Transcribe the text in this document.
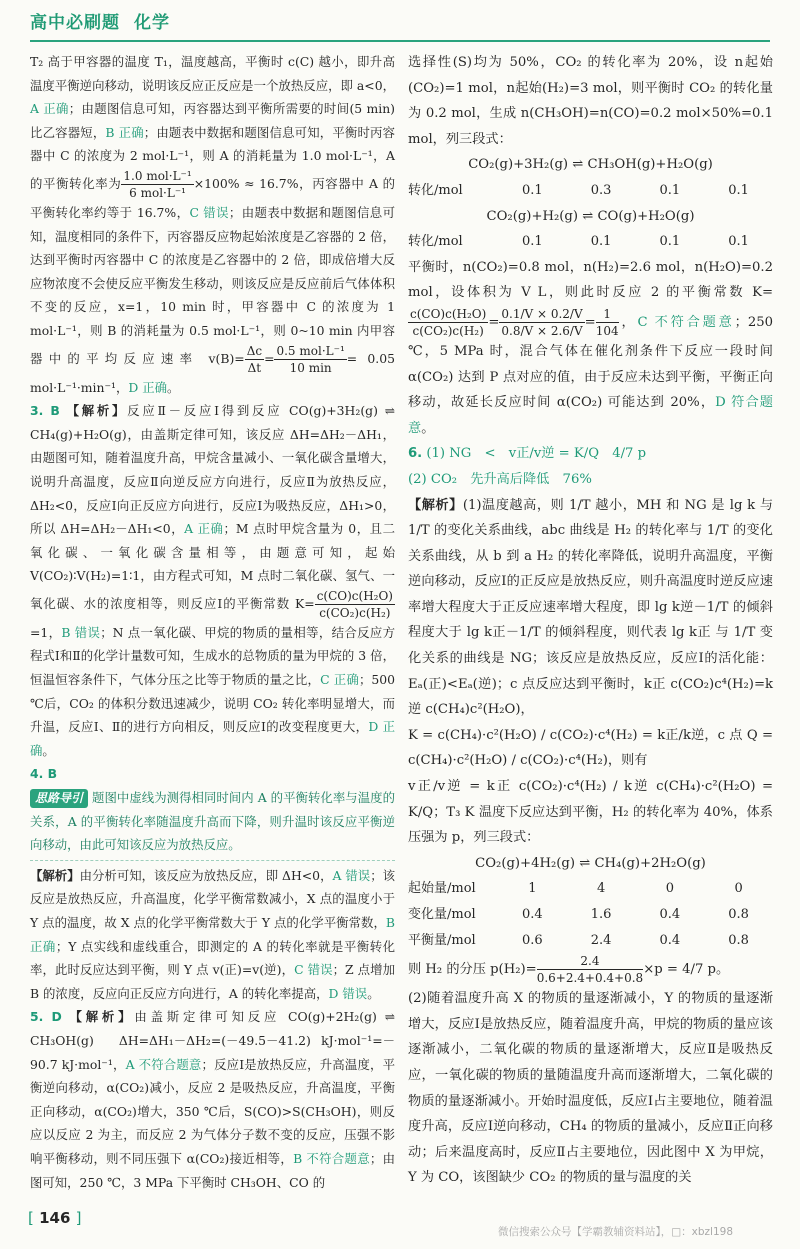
高中必刷题 化学

T₂ 高于甲容器的温度 T₁，温度越高，平衡时 c(C) 越小，即升高温度平衡逆向移动，说明该反应正反应是一个放热反应，即 a<0，A 正确；由题图信息可知，丙容器达到平衡所需要的时间(5 min)比乙容器短，B 正确；由题表中数据和题图信息可知，平衡时丙容器中 C 的浓度为 2 mol·L⁻¹，则 A 的消耗量为 1.0 mol·L⁻¹，A 的平衡转化率为 $\frac{\text{1.0 mol·L⁻¹}}{\text{6 mol·L⁻¹}} \times 100\% \approx 16.7\%$，丙容器中 A 的平衡转化率约等于 16.7%，C 错误；由题表中数据和题图信息可知，温度相同的条件下，丙容器反应物起始浓度是乙容器的 2 倍，达到平衡时丙容器中 C 的浓度是乙容器中的 2 倍，即成倍增大反应物浓度不会使反应平衡发生移动，则该反应是反应前后气体体积不变的反应，x=1，10 min 时，甲容器中 C 的浓度为 1 mol·L⁻¹，则 B 的消耗量为 0.5 mol·L⁻¹，则 0~10 min 内甲容器中的平均反应速率 $v(B)= \frac{\Delta c}{\Delta t} = \frac{\text{0.5 mol·L⁻¹}}{10 \min} = 0.05$ mol·L⁻¹·min⁻¹，D 正确。

3. B 【解析】反应Ⅱ－反应Ⅰ得到反应 CO(g)+3H₂(g) ⇌ CH₄(g)+H₂O(g)，由盖斯定律可知，该反应 ΔH=ΔH₂－ΔH₁，由题图可知，随着温度升高，甲烷含量减小、一氧化碳含量增大，说明升高温度，反应Ⅱ向逆反应方向进行，反应Ⅱ为放热反应，ΔH₂<0，反应Ⅰ向正反应方向进行，反应Ⅰ为吸热反应，ΔH₁>0，所以 ΔH=ΔH₂－ΔH₁<0，A 正确；M 点时甲烷含量为 0，且二氧化碳、一氧化碳含量相等，由题意可知，起始 V(CO₂)∶V(H₂)=1∶1，由方程式可知，M 点时二氧化碳、氢气、一氧化碳、水的浓度相等，则反应Ⅰ的平衡常数 $K= \frac{\text{c(CO)c(H₂O)}}{\text{c(CO₂)c(H₂)}}$
=1，B 错误；N 点一氧化碳、甲烷的物质的量相等，结合反应方程式Ⅰ和Ⅱ的化学计量数可知，生成水的总物质的量为甲烷的 3 倍，恒温恒容条件下，气体分压之比等于物质的量之比，C 正确；500 ℃后，CO₂ 的体积分数迅速减少，说明 CO₂ 转化率明显增大，而升温，反应Ⅰ、Ⅱ的进行方向相反，则反应Ⅰ的改变程度更大，D 正确。

4. B

思路导引 题图中虚线为测得相同时间内 A 的平衡转化率与温度的关系，A 的平衡转化率随温度升高而下降，则升温时该反应平衡逆向移动，由此可知该反应为放热反应。

【解析】由分析可知，该反应为放热反应，即 ΔH<0，A 错误；该反应是放热反应，升高温度，化学平衡常数减小，X 点的温度小于 Y 点的温度，故 X 点的化学平衡常数大于 Y 点的化学平衡常数，B 正确；Y 点实线和虚线重合，即测定的 A 的转化率就是平衡转化率，此时反应达到平衡，则 Y 点 v(正)=v(逆)，C 错误；Z 点增加 B 的浓度，反应向正反应方向进行，A 的转化率提高，D 错误。

5. D 【解析】由盖斯定律可知反应 CO(g)+2H₂(g) ⇌ CH₃OH(g)　ΔH=ΔH₁－ΔH₂=(－49.5－41.2) kJ·mol⁻¹=－90.7 kJ·mol⁻¹，A 不符合题意；反应Ⅰ是放热反应，升高温度，平衡逆向移动，α(CO₂)减小，反应 2 是吸热反应，升高温度，平衡正向移动，α(CO₂)增大，350 ℃后，S(CO)>S(CH₃OH)，则反应以反应 2 为主，而反应 2 为气体分子数不变的反应，压强不影响平衡移动，则不同压强下 α(CO₂)接近相等，B 不符合题意；由图可知，250 ℃，3 MPa 下平衡时 CH₃OH、CO 的

选择性(S)均为 50%，CO₂ 的转化率为 20%，设 n起始(CO₂)=1 mol，n起始(H₂)=3 mol，则平衡时 CO₂ 的转化量为 0.2 mol，生成 n(CH₃OH)=n(CO)=0.2 mol×50%=0.1 mol，列三段式：

CO₂(g)+3H₂(g) ⇌ CH₃OH(g)+H₂O(g)
转化/mol	0.1	0.3	0.1	0.1
CO₂(g)+H₂(g) ⇌ CO(g)+H₂O(g)
转化/mol	0.1	0.1	0.1	0.1

平衡时，n(CO₂)=0.8 mol，n(H₂)=2.6 mol，n(H₂O)=0.2 mol，设体积为 V L，则此时反应 2 的平衡常数 K=
$\frac{\text{c(CO)c(H₂O)}}{\text{c(CO₂)c(H₂)}} = \frac{0.1/V \times 0.2/V}{0.8/V \times 2.6/V} = \frac{1}{104}$ ，C 不符合题意；250 ℃，5 MPa 时，混合气体在催化剂条件下反应一段时间 α(CO₂) 达到 P 点对应的值，由于反应未达到平衡，平衡正向移动，故延长反应时间 α(CO₂) 可能达到 20%，D 符合题意。

6. (1) NG　<　v正/v逆 = K/Q　4/7 p

(2) CO₂　先升高后降低　76%

【解析】(1)温度越高，则 1/T 越小，MH 和 NG 是 lg k 与 1/T 的变化关系曲线，abc 曲线是 H₂ 的转化率与 1/T 的变化关系曲线，从 b 到 a H₂ 的转化率降低，说明升高温度，平衡逆向移动，反应Ⅰ的正反应是放热反应，则升高温度时逆反应速率增大程度大于正反应速率增大程度，即 lg k逆－1/T 的倾斜程度大于 lg k正－1/T 的倾斜程度，则代表 lg k正 与 1/T 变化关系的曲线是 NG；该反应是放热反应，反应Ⅰ的活化能：Eₐ(正)<Eₐ(逆)；c 点反应达到平衡时，k正 c(CO₂)c⁴(H₂)=k逆 c(CH₄)c²(H₂O)，

K = c(CH₄)·c²(H₂O) / c(CO₂)·c⁴(H₂) = k正/k逆，c 点 Q = c(CH₄)·c²(H₂O) / c(CO₂)·c⁴(H₂)，则有

v正/v逆 = k正 c(CO₂)·c⁴(H₂) / k逆 c(CH₄)·c²(H₂O) = K/Q；T₃ K 温度下反应达到平衡，H₂ 的转化率为 40%，体系压强为 p，列三段式：

CO₂(g)+4H₂(g) ⇌ CH₄(g)+2H₂O(g)
起始量/mol	1	4	0	0
变化量/mol	0.4	1.6	0.4	0.8
平衡量/mol	0.6	2.4	0.4	0.8

则 H₂ 的分压 $p(H_2)= \frac{2.4}{0.6+2.4+0.4+0.8} \times p = 4/7$ p。

(2)随着温度升高 X 的物质的量逐渐减小，Y 的物质的量逐渐增大，反应Ⅰ是放热反应，随着温度升高，甲烷的物质的量应该逐渐减小，二氧化碳的物质的量逐渐增大，反应Ⅱ是吸热反应，一氧化碳的物质的量随温度升高而逐渐增大，二氧化碳的物质的量逐渐减小。开始时温度低，反应Ⅰ占主要地位，随着温度升高，反应Ⅰ逆向移动，CH₄ 的物质的量减小，反应Ⅱ正向移动；后来温度高时，反应Ⅱ占主要地位，因此图中 X 为甲烷，Y 为 CO，该图缺少 CO₂ 的物质的量与温度的关

[ 146 ]
微信搜索公众号【学霸教辅资料站】，□：xbzl198
